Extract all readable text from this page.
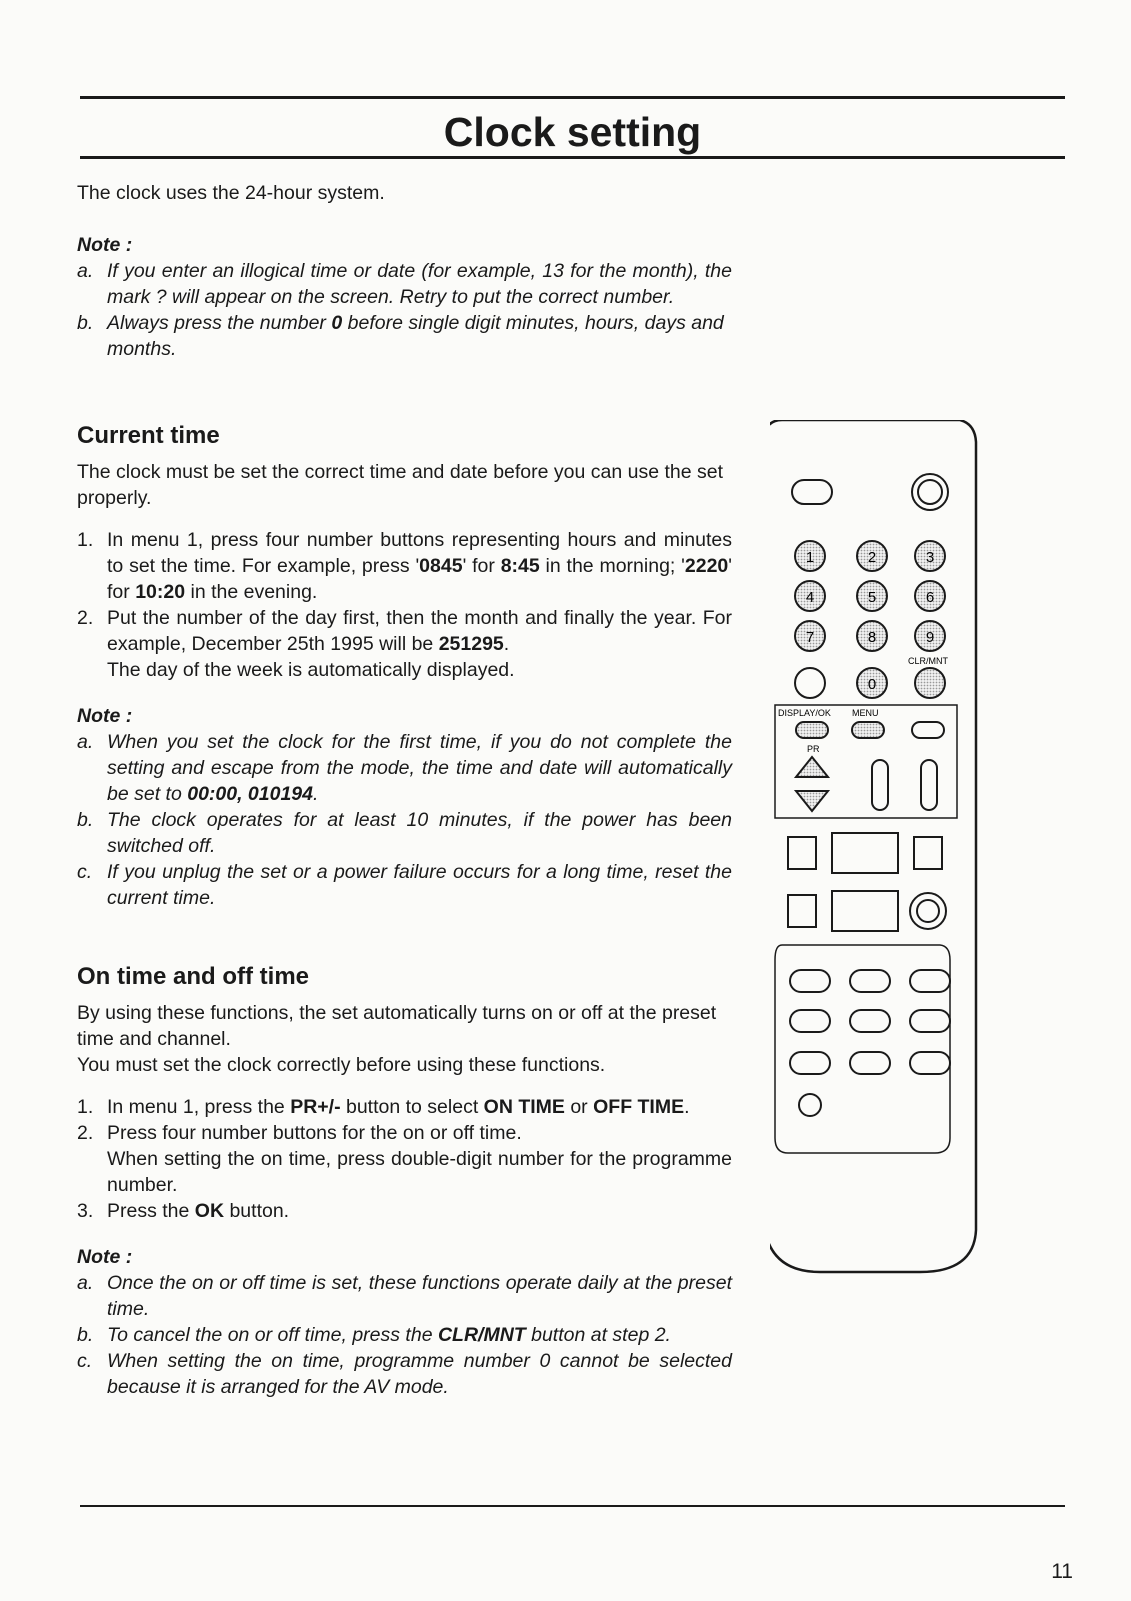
Clock setting

The clock uses the 24-hour system.

Note :

a. If you enter an illogical time or date (for example, 13 for the month), the mark ? will appear on the screen. Retry to put the correct number.
b. Always press the number 0 before single digit minutes, hours, days and months.

Current time

The clock must be set the correct time and date before you can use the set properly.

1. In menu 1, press four number buttons representing hours and minutes to set the time. For example, press '0845' for 8:45 in the morning; '2220' for 10:20 in the evening.
2. Put the number of the day first, then the month and finally the year. For example, December 25th 1995 will be 251295.
The day of the week is automatically displayed.

Note :

a. When you set the clock for the first time, if you do not complete the setting and escape from the mode, the time and date will automatically be set to 00:00, 010194.
b. The clock operates for at least 10 minutes, if the power has been switched off.
c. If you unplug the set or a power failure occurs for a long time, reset the current time.

On time and off time

By using these functions, the set automatically turns on or off at the preset time and channel.

You must set the clock correctly before using these functions.

1. In menu 1, press the PR+/- button to select ON TIME or OFF TIME.
2. Press four number buttons for the on or off time.
When setting the on time, press double-digit number for the programme number.
3. Press the OK button.

Note :

a. Once the on or off time is set, these functions operate daily at the preset time.
b. To cancel the on or off time, press the CLR/MNT button at step 2.
c. When setting the on time, programme number 0 cannot be selected because it is arranged for the AV mode.
1	2	3
4	5	6
7	8	9
0
CLR/MNT
DISPLAY/OK MENU
PR
11
